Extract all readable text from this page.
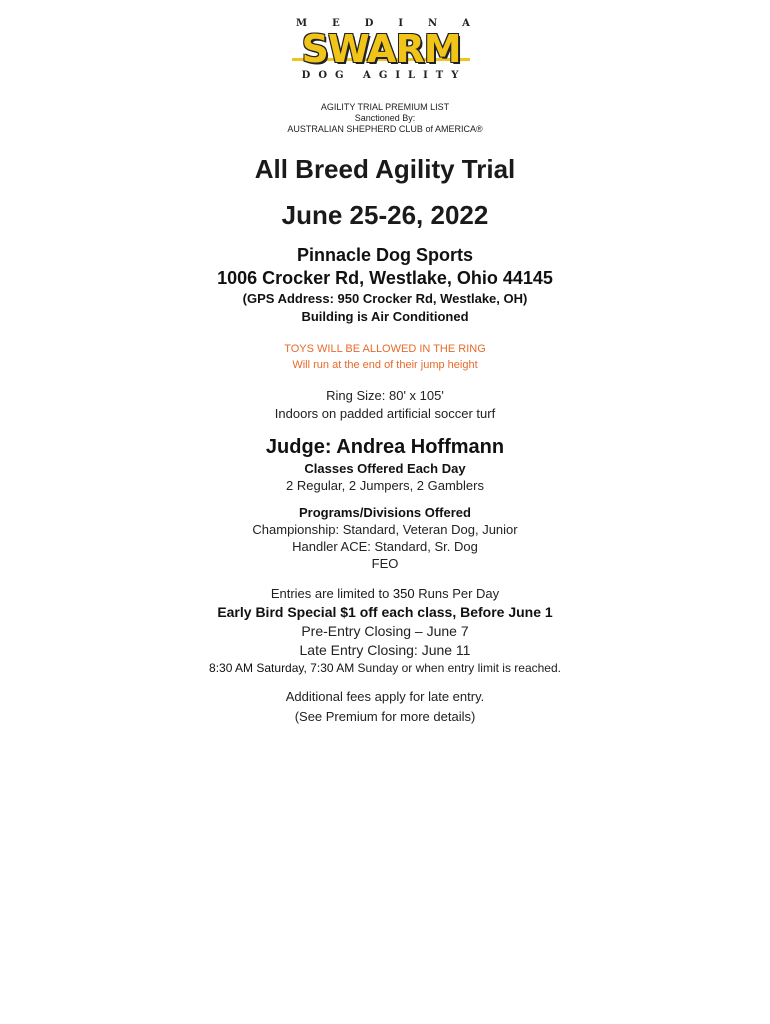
MEDINA
SWARM
DOG AGILITY
AGILITY TRIAL PREMIUM LIST
Sanctioned By:
AUSTRALIAN SHEPHERD CLUB of AMERICA®
All Breed Agility Trial
June 25-26, 2022
Pinnacle Dog Sports
1006 Crocker Rd, Westlake, Ohio 44145
(GPS Address: 950 Crocker Rd, Westlake, OH)
Building is Air Conditioned
TOYS WILL BE ALLOWED IN THE RING
Will run at the end of their jump height
Ring Size: 80' x 105'
Indoors on padded artificial soccer turf
Judge: Andrea Hoffmann
Classes Offered Each Day
2 Regular, 2 Jumpers, 2 Gamblers
Programs/Divisions Offered
Championship: Standard, Veteran Dog, Junior
Handler ACE: Standard, Sr. Dog
FEO
Entries are limited to 350 Runs Per Day
Early Bird Special $1 off each class, Before June 1
Pre-Entry Closing – June 7
Late Entry Closing: June 11
8:30 AM Saturday, 7:30 AM Sunday or when entry limit is reached.
Additional fees apply for late entry.
(See Premium for more details)
